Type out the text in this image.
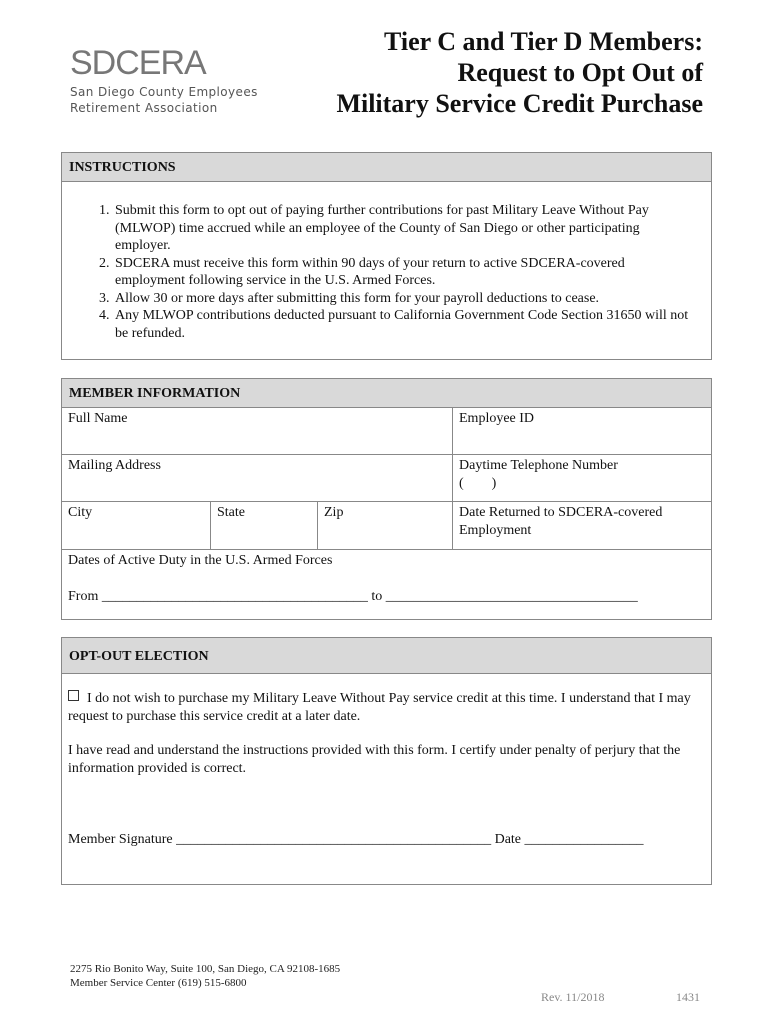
SDCERA
San Diego County Employees
Retirement Association
Tier C and Tier D Members:
Request to Opt Out of
Military Service Credit Purchase
INSTRUCTIONS
1. Submit this form to opt out of paying further contributions for past Military Leave Without Pay (MLWOP) time accrued while an employee of the County of San Diego or other participating employer.
2. SDCERA must receive this form within 90 days of your return to active SDCERA-covered employment following service in the U.S. Armed Forces.
3. Allow 30 or more days after submitting this form for your payroll deductions to cease.
4. Any MLWOP contributions deducted pursuant to California Government Code Section 31650 will not be refunded.
MEMBER INFORMATION
Full Name	Employee ID
Mailing Address	Daytime Telephone Number
(        )
City	State	Zip	Date Returned to SDCERA-covered Employment
Dates of Active Duty in the U.S. Armed Forces
From ______________________________________ to ____________________________________
OPT-OUT ELECTION
I do not wish to purchase my Military Leave Without Pay service credit at this time. I understand that I may request to purchase this service credit at a later date.
I have read and understand the instructions provided with this form. I certify under penalty of perjury that the information provided is correct.
Member Signature _____________________________________________ Date _________________
2275 Rio Bonito Way, Suite 100, San Diego, CA 92108-1685
Member Service Center (619) 515-6800
Rev. 11/2018	1431
